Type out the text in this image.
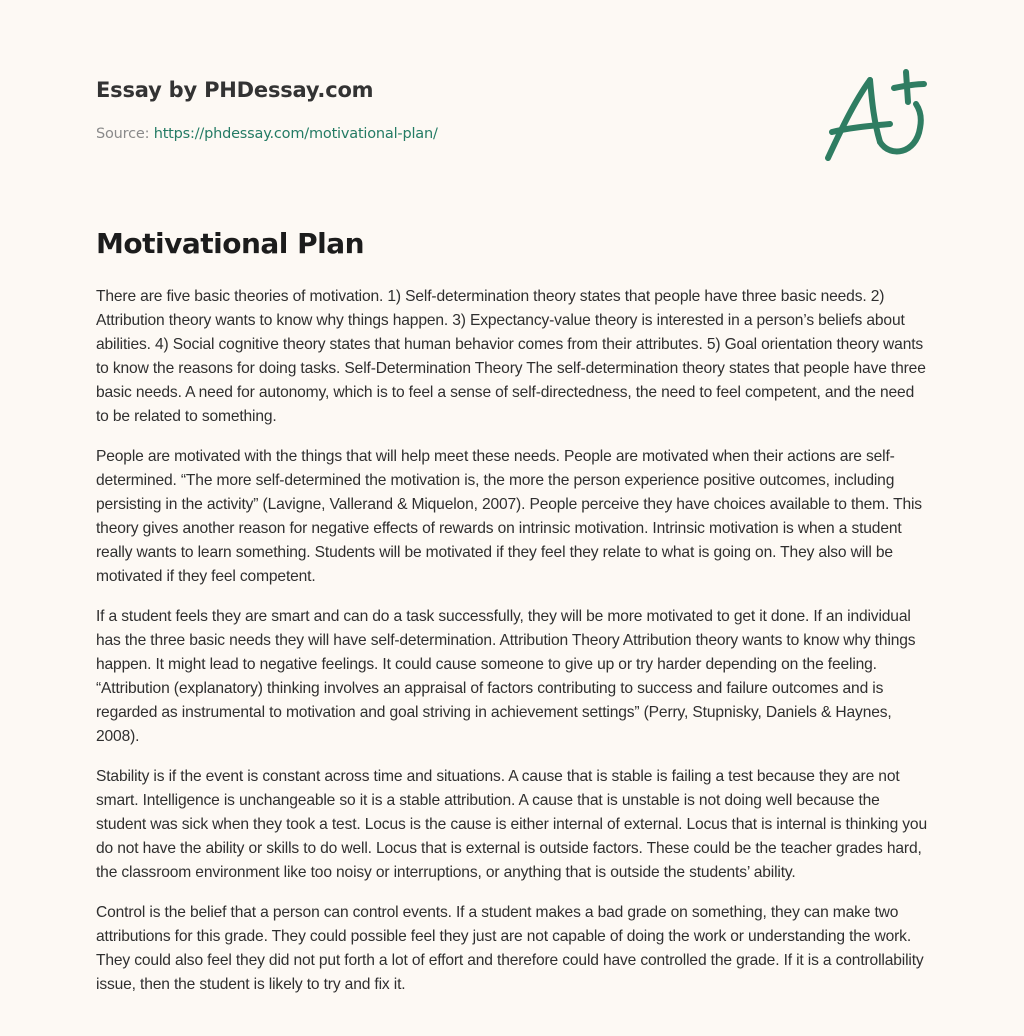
Essay by PHDessay.com
Source: https://phdessay.com/motivational-plan/
Motivational Plan

There are five basic theories of motivation. 1) Self-determination theory states that people have three basic needs. 2) Attribution theory wants to know why things happen. 3) Expectancy-value theory is interested in a person’s beliefs about abilities. 4) Social cognitive theory states that human behavior comes from their attributes. 5) Goal orientation theory wants to know the reasons for doing tasks. Self-Determination Theory The self-determination theory states that people have three basic needs. A need for autonomy, which is to feel a sense of self-directedness, the need to feel competent, and the need to be related to something.

People are motivated with the things that will help meet these needs. People are motivated when their actions are self-determined. “The more self-determined the motivation is, the more the person experience positive outcomes, including persisting in the activity” (Lavigne, Vallerand & Miquelon, 2007). People perceive they have choices available to them. This theory gives another reason for negative effects of rewards on intrinsic motivation. Intrinsic motivation is when a student really wants to learn something. Students will be motivated if they feel they relate to what is going on. They also will be motivated if they feel competent.

If a student feels they are smart and can do a task successfully, they will be more motivated to get it done. If an individual has the three basic needs they will have self-determination. Attribution Theory Attribution theory wants to know why things happen. It might lead to negative feelings. It could cause someone to give up or try harder depending on the feeling. “Attribution (explanatory) thinking involves an appraisal of factors contributing to success and failure outcomes and is regarded as instrumental to motivation and goal striving in achievement settings” (Perry, Stupnisky, Daniels & Haynes, 2008).

Stability is if the event is constant across time and situations. A cause that is stable is failing a test because they are not smart. Intelligence is unchangeable so it is a stable attribution. A cause that is unstable is not doing well because the student was sick when they took a test. Locus is the cause is either internal of external. Locus that is internal is thinking you do not have the ability or skills to do well. Locus that is external is outside factors. These could be the teacher grades hard, the classroom environment like too noisy or interruptions, or anything that is outside the students’ ability.

Control is the belief that a person can control events. If a student makes a bad grade on something, they can make two attributions for this grade. They could possible feel they just are not capable of doing the work or understanding the work. They could also feel they did not put forth a lot of effort and therefore could have controlled the grade. If it is a controllability issue, then the student is likely to try and fix it.
